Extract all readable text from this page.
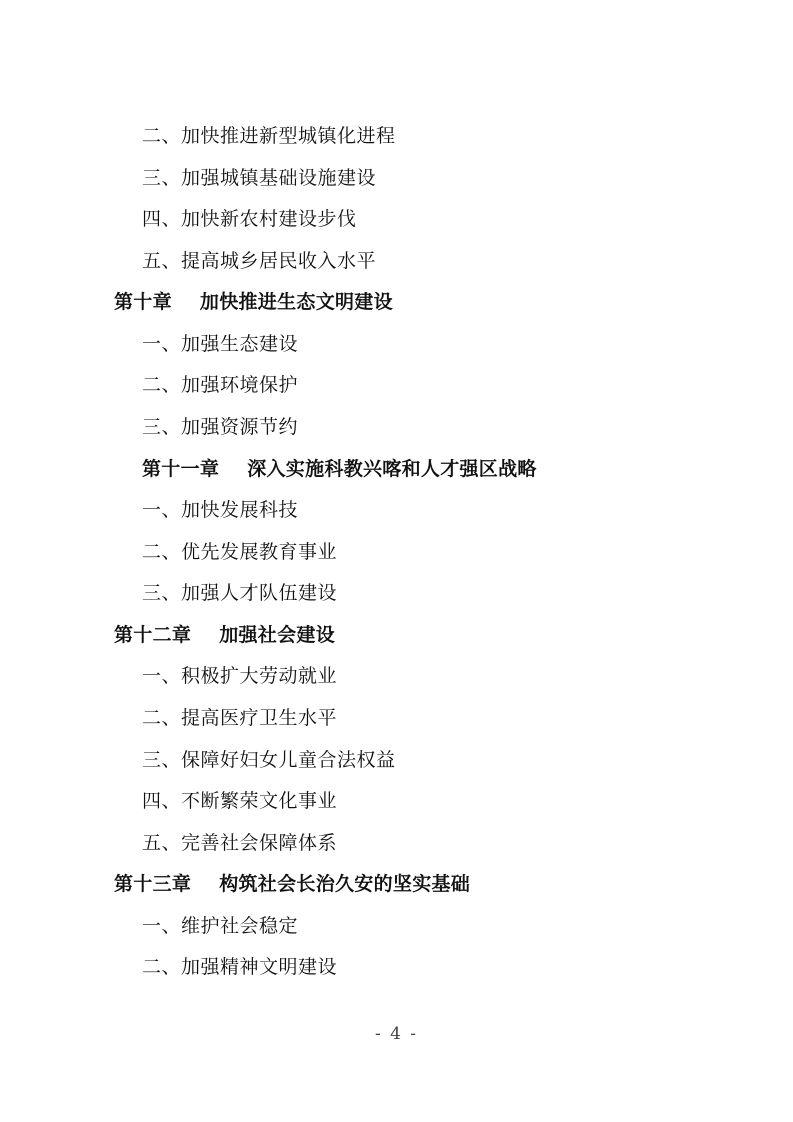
二、加快推进新型城镇化进程
三、加强城镇基础设施建设
四、加快新农村建设步伐
五、提高城乡居民收入水平
第十章 加快推进生态文明建设
一、加强生态建设
二、加强环境保护
三、加强资源节约
第十一章 深入实施科教兴喀和人才强区战略
一、加快发展科技
二、优先发展教育事业
三、加强人才队伍建设
第十二章 加强社会建设
一、积极扩大劳动就业
二、提高医疗卫生水平
三、保障好妇女儿童合法权益
四、不断繁荣文化事业
五、完善社会保障体系
第十三章 构筑社会长治久安的坚实基础
一、维护社会稳定
二、加强精神文明建设
- 4 -
